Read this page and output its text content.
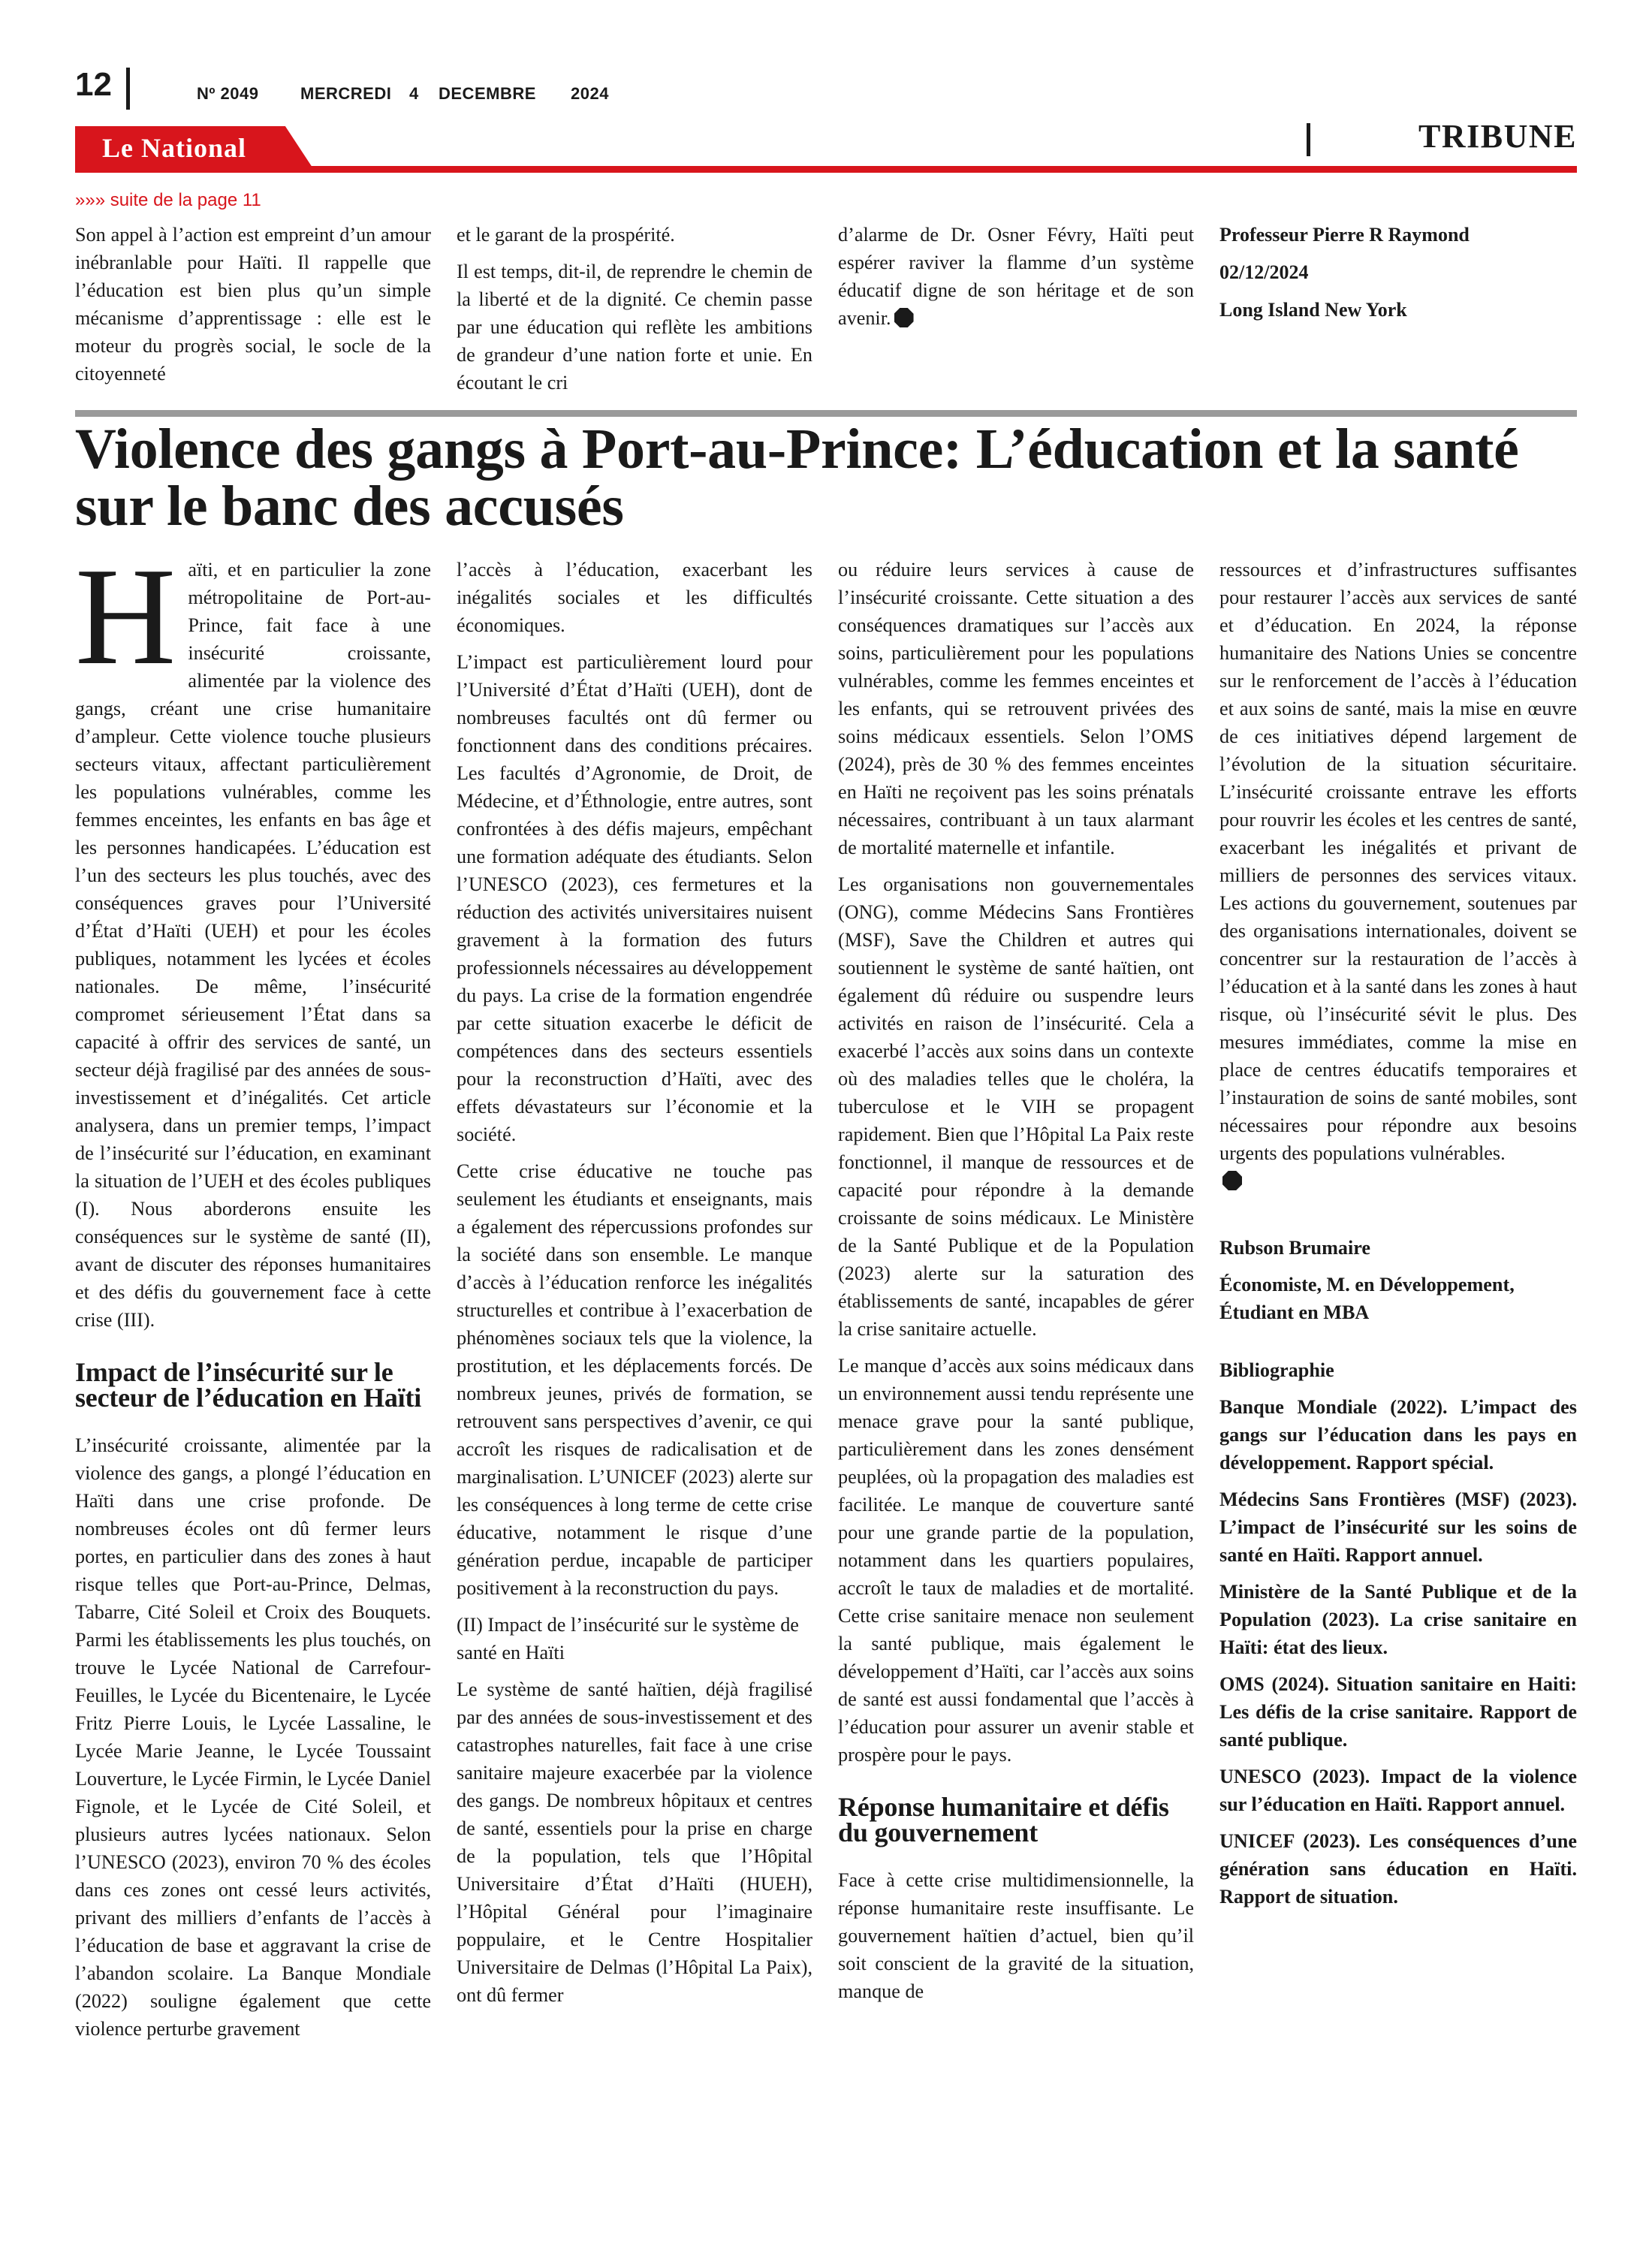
12	Nº 2049	MERCREDI 4 DECEMBRE 2024
Le National	TRIBUNE
»»» suite de la page 11

Son appel à l’action est empreint d’un amour inébranlable pour Haïti. Il rappelle que l’éducation est bien plus qu’un simple mécanisme d’apprentissage : elle est le moteur du progrès social, le socle de la citoyenneté

et le garant de la prospérité.

Il est temps, dit-il, de reprendre le chemin de la liberté et de la dignité. Ce chemin passe par une éducation qui reflète les ambitions de grandeur d’une nation forte et unie. En écoutant le cri

d’alarme de Dr. Osner Févry, Haïti peut espérer raviver la flamme d’un système éducatif digne de son héritage et de son avenir.

Professeur Pierre R Raymond
02/12/2024
Long Island New York
Violence des gangs à Port-au-Prince: L’éducation et la santé sur le banc des accusés

Haïti, et en particulier la zone métropolitaine de Port-au-Prince, fait face à une insécurité croissante, alimentée par la violence des gangs, créant une crise humanitaire d’ampleur. Cette violence touche plusieurs secteurs vitaux, affectant particulièrement les populations vulnérables, comme les femmes enceintes, les enfants en bas âge et les personnes handicapées. L’éducation est l’un des secteurs les plus touchés, avec des conséquences graves pour l’Université d’État d’Haïti (UEH) et pour les écoles publiques, notamment les lycées et écoles nationales. De même, l’insécurité compromet sérieusement l’État dans sa capacité à offrir des services de santé, un secteur déjà fragilisé par des années de sous-investissement et d’inégalités. Cet article analysera, dans un premier temps, l’impact de l’insécurité sur l’éducation, en examinant la situation de l’UEH et des écoles publiques (I). Nous aborderons ensuite les conséquences sur le système de santé (II), avant de discuter des réponses humanitaires et des défis du gouvernement face à cette crise (III).

Impact de l’insécurité sur le secteur de l’éducation en Haïti

L’insécurité croissante, alimentée par la violence des gangs, a plongé l’éducation en Haïti dans une crise profonde. De nombreuses écoles ont dû fermer leurs portes, en particulier dans des zones à haut risque telles que Port-au-Prince, Delmas, Tabarre, Cité Soleil et Croix des Bouquets. Parmi les établissements les plus touchés, on trouve le Lycée National de Carrefour-Feuilles, le Lycée du Bicentenaire, le Lycée Fritz Pierre Louis, le Lycée Lassaline, le Lycée Marie Jeanne, le Lycée Toussaint Louverture, le Lycée Firmin, le Lycée Daniel Fignole, et le Lycée de Cité Soleil, et plusieurs autres lycées nationaux. Selon l’UNESCO (2023), environ 70 % des écoles dans ces zones ont cessé leurs activités, privant des milliers d’enfants de l’accès à l’éducation de base et aggravant la crise de l’abandon scolaire. La Banque Mondiale (2022) souligne également que cette violence perturbe gravement

l’accès à l’éducation, exacerbant les inégalités sociales et les difficultés économiques.

L’impact est particulièrement lourd pour l’Université d’État d’Haïti (UEH), dont de nombreuses facultés ont dû fermer ou fonctionnent dans des conditions précaires. Les facultés d’Agronomie, de Droit, de Médecine, et d’Éthnologie, entre autres, sont confrontées à des défis majeurs, empêchant une formation adéquate des étudiants. Selon l’UNESCO (2023), ces fermetures et la réduction des activités universitaires nuisent gravement à la formation des futurs professionnels nécessaires au développement du pays. La crise de la formation engendrée par cette situation exacerbe le déficit de compétences dans des secteurs essentiels pour la reconstruction d’Haïti, avec des effets dévastateurs sur l’économie et la société.

Cette crise éducative ne touche pas seulement les étudiants et enseignants, mais a également des répercussions profondes sur la société dans son ensemble. Le manque d’accès à l’éducation renforce les inégalités structurelles et contribue à l’exacerbation de phénomènes sociaux tels que la violence, la prostitution, et les déplacements forcés. De nombreux jeunes, privés de formation, se retrouvent sans perspectives d’avenir, ce qui accroît les risques de radicalisation et de marginalisation. L’UNICEF (2023) alerte sur les conséquences à long terme de cette crise éducative, notamment le risque d’une génération perdue, incapable de participer positivement à la reconstruction du pays.

(II) Impact de l’insécurité sur le système de santé en Haïti

Le système de santé haïtien, déjà fragilisé par des années de sous-investissement et des catastrophes naturelles, fait face à une crise sanitaire majeure exacerbée par la violence des gangs. De nombreux hôpitaux et centres de santé, essentiels pour la prise en charge de la population, tels que l’Hôpital Universitaire d’État d’Haïti (HUEH), l’Hôpital Général pour l’imaginaire poppulaire, et le Centre Hospitalier Universitaire de Delmas (l’Hôpital La Paix), ont dû fermer

ou réduire leurs services à cause de l’insécurité croissante. Cette situation a des conséquences dramatiques sur l’accès aux soins, particulièrement pour les populations vulnérables, comme les femmes enceintes et les enfants, qui se retrouvent privées des soins médicaux essentiels. Selon l’OMS (2024), près de 30 % des femmes enceintes en Haïti ne reçoivent pas les soins prénatals nécessaires, contribuant à un taux alarmant de mortalité maternelle et infantile.

Les organisations non gouvernementales (ONG), comme Médecins Sans Frontières (MSF), Save the Children et autres qui soutiennent le système de santé haïtien, ont également dû réduire ou suspendre leurs activités en raison de l’insécurité. Cela a exacerbé l’accès aux soins dans un contexte où des maladies telles que le choléra, la tuberculose et le VIH se propagent rapidement. Bien que l’Hôpital La Paix reste fonctionnel, il manque de ressources et de capacité pour répondre à la demande croissante de soins médicaux. Le Ministère de la Santé Publique et de la Population (2023) alerte sur la saturation des établissements de santé, incapables de gérer la crise sanitaire actuelle.

Le manque d’accès aux soins médicaux dans un environnement aussi tendu représente une menace grave pour la santé publique, particulièrement dans les zones densément peuplées, où la propagation des maladies est facilitée. Le manque de couverture santé pour une grande partie de la population, notamment dans les quartiers populaires, accroît le taux de maladies et de mortalité. Cette crise sanitaire menace non seulement la santé publique, mais également le développement d’Haïti, car l’accès aux soins de santé est aussi fondamental que l’accès à l’éducation pour assurer un avenir stable et prospère pour le pays.

Réponse humanitaire et défis du gouvernement

Face à cette crise multidimensionnelle, la réponse humanitaire reste insuffisante. Le gouvernement haïtien d’actuel, bien qu’il soit conscient de la gravité de la situation, manque de

ressources et d’infrastructures suffisantes pour restaurer l’accès aux services de santé et d’éducation. En 2024, la réponse humanitaire des Nations Unies se concentre sur le renforcement de l’accès à l’éducation et aux soins de santé, mais la mise en œuvre de ces initiatives dépend largement de l’évolution de la situation sécuritaire. L’insécurité croissante entrave les efforts pour rouvrir les écoles et les centres de santé, exacerbant les inégalités et privant de milliers de personnes des services vitaux. Les actions du gouvernement, soutenues par des organisations internationales, doivent se concentrer sur la restauration de l’accès à l’éducation et à la santé dans les zones à haut risque, où l’insécurité sévit le plus. Des mesures immédiates, comme la mise en place de centres éducatifs temporaires et l’instauration de soins de santé mobiles, sont nécessaires pour répondre aux besoins urgents des populations vulnérables.

Rubson Brumaire

Économiste, M. en Développement, Étudiant en MBA

Bibliographie

Banque Mondiale (2022). L’impact des gangs sur l’éducation dans les pays en développement. Rapport spécial.

Médecins Sans Frontières (MSF) (2023). L’impact de l’insécurité sur les soins de santé en Haïti. Rapport annuel.

Ministère de la Santé Publique et de la Population (2023). La crise sanitaire en Haïti: état des lieux.

OMS (2024). Situation sanitaire en Haiti: Les défis de la crise sanitaire. Rapport de santé publique.

UNESCO (2023). Impact de la violence sur l’éducation en Haïti. Rapport annuel.

UNICEF (2023). Les conséquences d’une génération sans éducation en Haïti. Rapport de situation.
